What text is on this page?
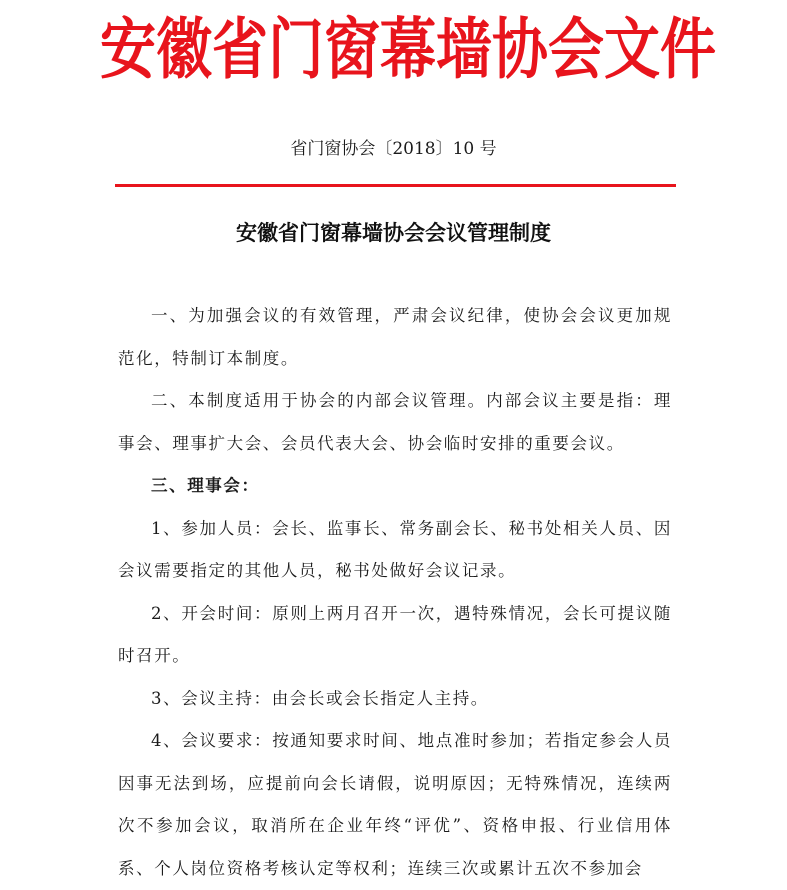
安徽省门窗幕墙协会文件
省门窗协会〔2018〕10 号
安徽省门窗幕墙协会会议管理制度

一、为加强会议的有效管理，严肃会议纪律，使协会会议更加规范化，特制订本制度。

二、本制度适用于协会的内部会议管理。内部会议主要是指：理事会、理事扩大会、会员代表大会、协会临时安排的重要会议。

三、理事会：

1、参加人员：会长、监事长、常务副会长、秘书处相关人员、因会议需要指定的其他人员，秘书处做好会议记录。

2、开会时间：原则上两月召开一次，遇特殊情况，会长可提议随时召开。

3、会议主持：由会长或会长指定人主持。

4、会议要求：按通知要求时间、地点准时参加；若指定参会人员因事无法到场，应提前向会长请假，说明原因；无特殊情况，连续两次不参加会议，取消所在企业年终“评优”、资格申报、行业信用体系、个人岗位资格考核认定等权利；连续三次或累计五次不参加会
